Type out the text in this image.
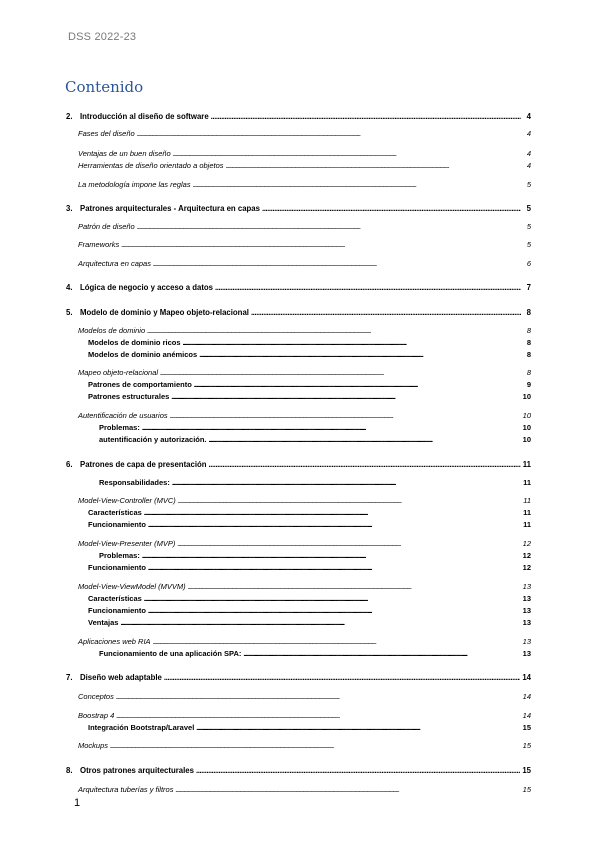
DSS 2022-23
Contenido
2. Introducción al diseño de software . . .	4
Fases del diseño . . .	4
Ventajas de un buen diseño . . .	4
Herramientas de diseño orientado a objetos . . .	4
La metodología impone las reglas . . .	5
3. Patrones arquitecturales - Arquitectura en capas . . .	5
Patrón de diseño . . .	5
Frameworks . . .	5
Arquitectura en capas . . .	6
4. Lógica de negocio y acceso a datos . . .	7
5. Modelo de dominio y Mapeo objeto-relacional . . .	8
Modelos de dominio . . .	8
Modelos de dominio ricos . . .	8
Modelos de dominio anémicos . . .	8
Mapeo objeto-relacional . . .	8
Patrones de comportamiento . . .	9
Patrones estructurales . . .	10
Autentificación de usuarios . . .	10
Problemas: . . .	10
autentificación y autorización. . . .	10
6. Patrones de capa de presentación . . .	11
Responsabilidades: . . .	11
Model-View-Controller (MVC) . . .	11
Características . . .	11
Funcionamiento . . .	11
Model-View-Presenter (MVP) . . .	12
Problemas: . . .	12
Funcionamiento . . .	12
Model-View-ViewModel (MVVM) . . .	13
Características . . .	13
Funcionamiento . . .	13
Ventajas . . .	13
Aplicaciones web RIA . . .	13
Funcionamiento de una aplicación SPA: . . .	13
7. Diseño web adaptable . . .	14
Conceptos . . .	14
Boostrap 4 . . .	14
Integración Bootstrap/Laravel . . .	15
Mockups . . .	15
8. Otros patrones arquitecturales . . .	15
Arquitectura tuberías y filtros . . .	15
1
